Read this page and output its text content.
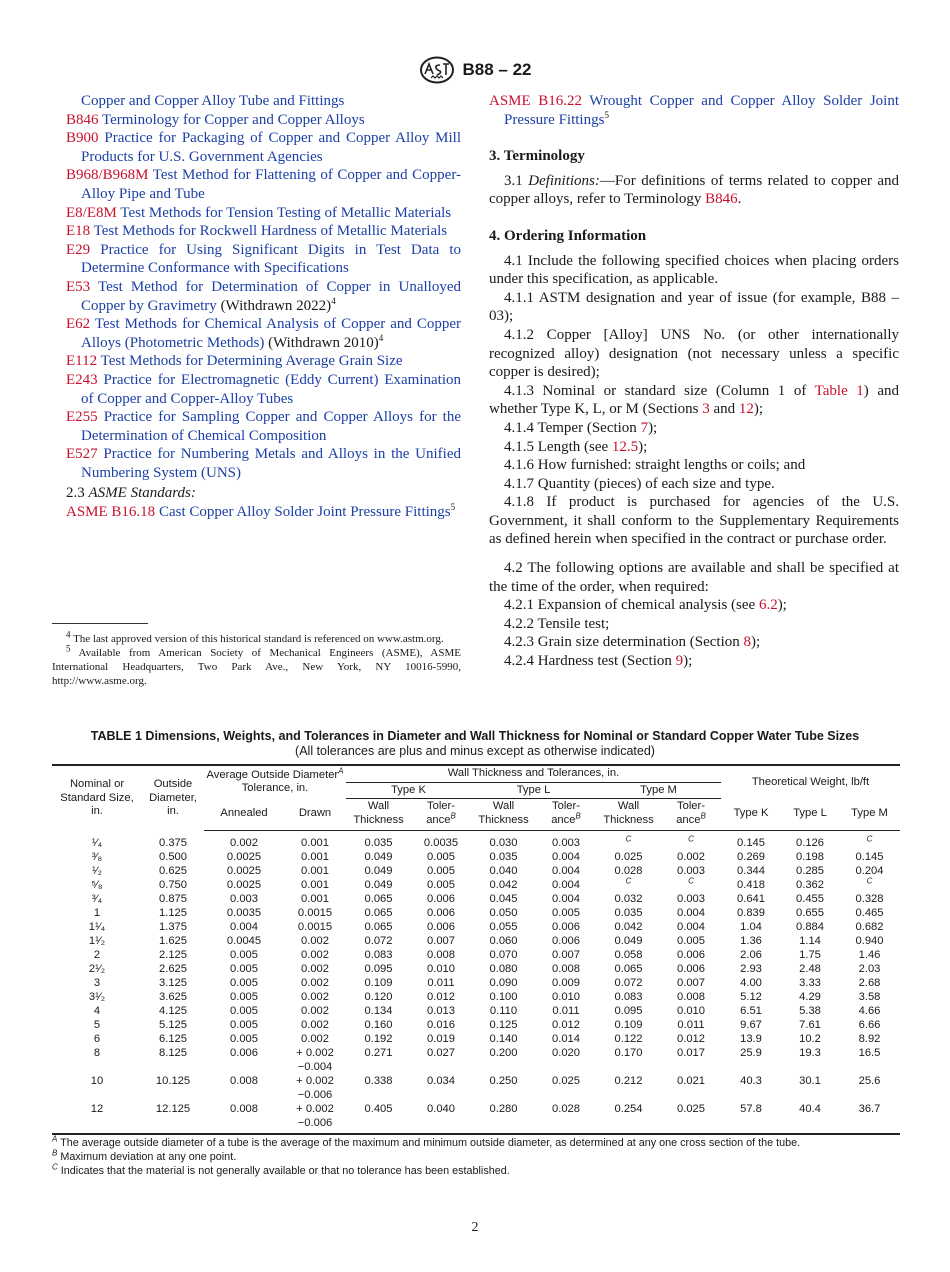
B88 – 22
Copper and Copper Alloy Tube and Fittings
B846 Terminology for Copper and Copper Alloys
B900 Practice for Packaging of Copper and Copper Alloy Mill Products for U.S. Government Agencies
B968/B968M Test Method for Flattening of Copper and Copper-Alloy Pipe and Tube
E8/E8M Test Methods for Tension Testing of Metallic Materials
E18 Test Methods for Rockwell Hardness of Metallic Materials
E29 Practice for Using Significant Digits in Test Data to Determine Conformance with Specifications
E53 Test Method for Determination of Copper in Unalloyed Copper by Gravimetry (Withdrawn 2022)$^4$
E62 Test Methods for Chemical Analysis of Copper and Copper Alloys (Photometric Methods) (Withdrawn 2010)$^4$
E112 Test Methods for Determining Average Grain Size
E243 Practice for Electromagnetic (Eddy Current) Examination of Copper and Copper-Alloy Tubes
E255 Practice for Sampling Copper and Copper Alloys for the Determination of Chemical Composition
E527 Practice for Numbering Metals and Alloys in the Unified Numbering System (UNS)
2.3 ASME Standards:
ASME B16.18 Cast Copper Alloy Solder Joint Pressure Fittings$^5$

$^4$ The last approved version of this historical standard is referenced on www.astm.org.

$^5$ Available from American Society of Mechanical Engineers (ASME), ASME International Headquarters, Two Park Ave., New York, NY 10016-5990, http://www.asme.org.

ASME B16.22 Wrought Copper and Copper Alloy Solder Joint Pressure Fittings$^5$
3. Terminology
3.1 Definitions:—For definitions of terms related to copper and copper alloys, refer to Terminology B846.
4. Ordering Information
4.1 Include the following specified choices when placing orders under this specification, as applicable.
4.1.1 ASTM designation and year of issue (for example, B88 – 03);
4.1.2 Copper [Alloy] UNS No. (or other internationally recognized alloy) designation (not necessary unless a specific copper is desired);
4.1.3 Nominal or standard size (Column 1 of Table 1) and whether Type K, L, or M (Sections 3 and 12);
4.1.4 Temper (Section 7);
4.1.5 Length (see 12.5);
4.1.6 How furnished: straight lengths or coils; and
4.1.7 Quantity (pieces) of each size and type.
4.1.8 If product is purchased for agencies of the U.S. Government, it shall conform to the Supplementary Requirements as defined herein when specified in the contract or purchase order.
4.2 The following options are available and shall be specified at the time of the order, when required:
4.2.1 Expansion of chemical analysis (see 6.2);
4.2.2 Tensile test;
4.2.3 Grain size determination (Section 8);
4.2.4 Hardness test (Section 9);
TABLE 1 Dimensions, Weights, and Tolerances in Diameter and Wall Thickness for Nominal or Standard Copper Water Tube Sizes
(All tolerances are plus and minus except as otherwise indicated)
Nominal or Standard Size, in.	Outside Diameter, in.	Average Outside Diameter$^A$ Tolerance, in.		Wall Thickness and Tolerances, in.						Theoretical Weight, lb/ft		
				Type K		Type L		Type M				
		Annealed	Drawn	Wall Thickness	Toler-ance$^B$	Wall Thickness	Toler-ance$^B$	Wall Thickness	Toler-ance$^B$	Type K	Type L	Type M
¹⁄₄	0.375	0.002	0.001	0.035	0.0035	0.030	0.003	$^C$	$^C$	0.145	0.126	$^C$
³⁄₈	0.500	0.0025	0.001	0.049	0.005	0.035	0.004	0.025	0.002	0.269	0.198	0.145
¹⁄₂	0.625	0.0025	0.001	0.049	0.005	0.040	0.004	0.028	0.003	0.344	0.285	0.204
⁵⁄₈	0.750	0.0025	0.001	0.049	0.005	0.042	0.004	$^C$	$^C$	0.418	0.362	$^C$
³⁄₄	0.875	0.003	0.001	0.065	0.006	0.045	0.004	0.032	0.003	0.641	0.455	0.328
1	1.125	0.0035	0.0015	0.065	0.006	0.050	0.005	0.035	0.004	0.839	0.655	0.465
1¹⁄₄	1.375	0.004	0.0015	0.065	0.006	0.055	0.006	0.042	0.004	1.04	0.884	0.682
1¹⁄₂	1.625	0.0045	0.002	0.072	0.007	0.060	0.006	0.049	0.005	1.36	1.14	0.940
2	2.125	0.005	0.002	0.083	0.008	0.070	0.007	0.058	0.006	2.06	1.75	1.46
2¹⁄₂	2.625	0.005	0.002	0.095	0.010	0.080	0.008	0.065	0.006	2.93	2.48	2.03
3	3.125	0.005	0.002	0.109	0.011	0.090	0.009	0.072	0.007	4.00	3.33	2.68
3¹⁄₂	3.625	0.005	0.002	0.120	0.012	0.100	0.010	0.083	0.008	5.12	4.29	3.58
4	4.125	0.005	0.002	0.134	0.013	0.110	0.011	0.095	0.010	6.51	5.38	4.66
5	5.125	0.005	0.002	0.160	0.016	0.125	0.012	0.109	0.011	9.67	7.61	6.66
6	6.125	0.005	0.002	0.192	0.019	0.140	0.014	0.122	0.012	13.9	10.2	8.92
8	8.125	0.006	+ 0.002
−0.004	0.271	0.027	0.200	0.020	0.170	0.017	25.9	19.3	16.5
10	10.125	0.008	+ 0.002
−0.006	0.338	0.034	0.250	0.025	0.212	0.021	40.3	30.1	25.6
12	12.125	0.008	+ 0.002
−0.006	0.405	0.040	0.280	0.028	0.254	0.025	57.8	40.4	36.7

$^A$ The average outside diameter of a tube is the average of the maximum and minimum outside diameter, as determined at any one cross section of the tube.

$^B$ Maximum deviation at any one point.

$^C$ Indicates that the material is not generally available or that no tolerance has been established.

2
